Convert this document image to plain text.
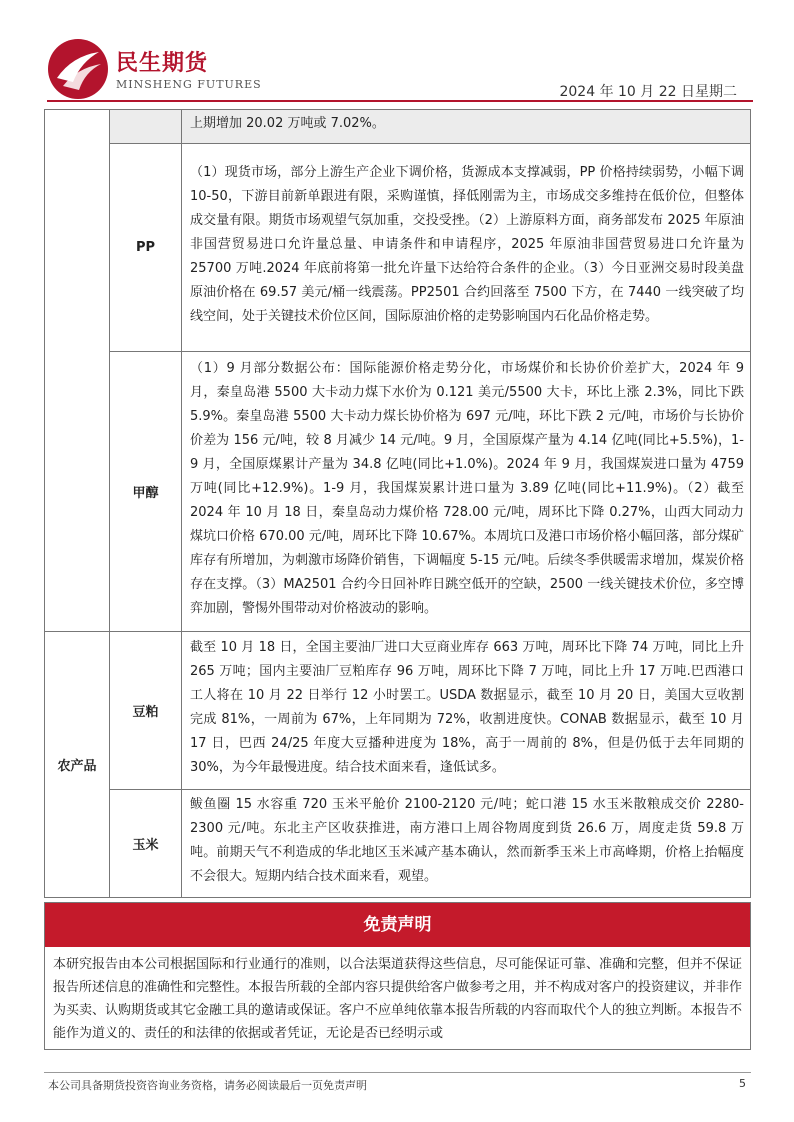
民生期货
MINSHENG FUTURES	2024 年 10 月 22 日星期二
		上期增加 20.02 万吨或 7.02%。
	PP	（1）现货市场，部分上游生产企业下调价格，货源成本支撑减弱，PP 价格持续弱势，小幅下调 10-50，下游目前新单跟进有限，采购谨慎，择低刚需为主，市场成交多维持在低价位，但整体成交量有限。期货市场观望气氛加重，交投受挫。（2）上游原料方面，商务部发布 2025 年原油非国营贸易进口允许量总量、申请条件和申请程序，2025 年原油非国营贸易进口允许量为 25700 万吨.2024 年底前将第一批允许量下达给符合条件的企业。（3）今日亚洲交易时段美盘原油价格在 69.57 美元/桶一线震荡。PP2501 合约回落至 7500 下方，在 7440 一线突破了均线空间，处于关键技术价位区间，国际原油价格的走势影响国内石化品价格走势。
	甲醇	（1）9 月部分数据公布：国际能源价格走势分化，市场煤价和长协价价差扩大，2024 年 9 月，秦皇岛港 5500 大卡动力煤下水价为 0.121 美元/5500 大卡，环比上涨 2.3%，同比下跌 5.9%。秦皇岛港 5500 大卡动力煤长协价格为 697 元/吨，环比下跌 2 元/吨，市场价与长协价价差为 156 元/吨，较 8 月减少 14 元/吨。9 月，全国原煤产量为 4.14 亿吨(同比+5.5%)，1-9 月，全国原煤累计产量为 34.8 亿吨(同比+1.0%)。2024 年 9 月，我国煤炭进口量为 4759 万吨(同比+12.9%)。1-9 月，我国煤炭累计进口量为 3.89 亿吨(同比+11.9%)。（2）截至 2024 年 10 月 18 日，秦皇岛动力煤价格 728.00 元/吨，周环比下降 0.27%，山西大同动力煤坑口价格 670.00 元/吨，周环比下降 10.67%。本周坑口及港口市场价格小幅回落，部分煤矿库存有所增加，为刺激市场降价销售，下调幅度 5-15 元/吨。后续冬季供暖需求增加，煤炭价格存在支撑。（3）MA2501 合约今日回补昨日跳空低开的空缺，2500 一线关键技术价位，多空博弈加剧，警惕外围带动对价格波动的影响。
农产品	豆粕	截至 10 月 18 日，全国主要油厂进口大豆商业库存 663 万吨，周环比下降 74 万吨，同比上升 265 万吨；国内主要油厂豆粕库存 96 万吨，周环比下降 7 万吨，同比上升 17 万吨.巴西港口工人将在 10 月 22 日举行 12 小时罢工。USDA 数据显示，截至 10 月 20 日，美国大豆收割完成 81%，一周前为 67%，上年同期为 72%，收割进度快。CONAB 数据显示，截至 10 月 17 日，巴西 24/25 年度大豆播种进度为 18%，高于一周前的 8%，但是仍低于去年同期的 30%，为今年最慢进度。结合技术面来看，逢低试多。
	玉米	鲅鱼圈 15 水容重 720 玉米平舱价 2100-2120 元/吨；蛇口港 15 水玉米散粮成交价 2280-2300 元/吨。东北主产区收获推进，南方港口上周谷物周度到货 26.6 万，周度走货 59.8 万吨。前期天气不利造成的华北地区玉米减产基本确认，然而新季玉米上市高峰期，价格上抬幅度不会很大。短期内结合技术面来看，观望。
免责声明
本研究报告由本公司根据国际和行业通行的准则，以合法渠道获得这些信息，尽可能保证可靠、准确和完整，但并不保证报告所述信息的准确性和完整性。本报告所载的全部内容只提供给客户做参考之用，并不构成对客户的投资建议，并非作为买卖、认购期货或其它金融工具的邀请或保证。客户不应单纯依靠本报告所载的内容而取代个人的独立判断。本报告不能作为道义的、责任的和法律的依据或者凭证，无论是否已经明示或
本公司具备期货投资咨询业务资格，请务必阅读最后一页免责声明	5
